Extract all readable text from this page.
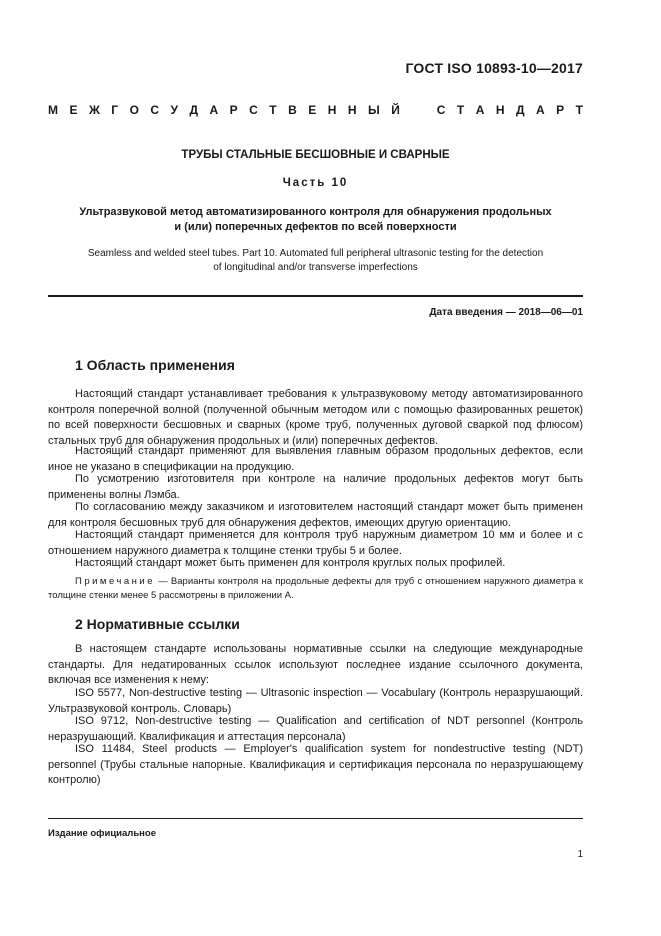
ГОСТ ISO 10893-10—2017
М Е Ж Г О С У Д А Р С Т В Е Н Н Ы Й	С Т А Н Д А Р Т
ТРУБЫ СТАЛЬНЫЕ БЕСШОВНЫЕ И СВАРНЫЕ
Часть 10
Ультразвуковой метод автоматизированного контроля для обнаружения продольных
и (или) поперечных дефектов по всей поверхности
Seamless and welded steel tubes. Part 10. Automated full peripheral ultrasonic testing for the detection
of longitudinal and/or transverse imperfections
Дата введения — 2018—06—01
1 Область применения

Настоящий стандарт устанавливает требования к ультразвуковому методу автоматизированного контроля поперечной волной (полученной обычным методом или с помощью фазированных решеток) по всей поверхности бесшовных и сварных (кроме труб, полученных дуговой сваркой под флюсом) стальных труб для обнаружения продольных и (или) поперечных дефектов.

Настоящий стандарт применяют для выявления главным образом продольных дефектов, если иное не указано в спецификации на продукцию.

По усмотрению изготовителя при контроле на наличие продольных дефектов могут быть применены волны Лэмба.

По согласованию между заказчиком и изготовителем настоящий стандарт может быть применен для контроля бесшовных труб для обнаружения дефектов, имеющих другую ориентацию.

Настоящий стандарт применяется для контроля труб наружным диаметром 10 мм и более и с отношением наружного диаметра к толщине стенки трубы 5 и более.

Настоящий стандарт может быть применен для контроля круглых полых профилей.

Примечание — Варианты контроля на продольные дефекты для труб с отношением наружного диаметра к толщине стенки менее 5 рассмотрены в приложении А.

2 Нормативные ссылки

В настоящем стандарте использованы нормативные ссылки на следующие международные стандарты. Для недатированных ссылок используют последнее издание ссылочного документа, включая все изменения к нему:

ISO 5577, Non-destructive testing — Ultrasonic inspection — Vocabulary (Контроль неразрушающий. Ультразвуковой контроль. Словарь)

ISO 9712, Non-destructive testing — Qualification and certification of NDT personnel (Контроль неразрушающий. Квалификация и аттестация персонала)

ISO 11484, Steel products — Employer's qualification system for nondestructive testing (NDT) personnel (Трубы стальные напорные. Квалификация и сертификация персонала по неразрушающему контролю)

Издание официальное
1
